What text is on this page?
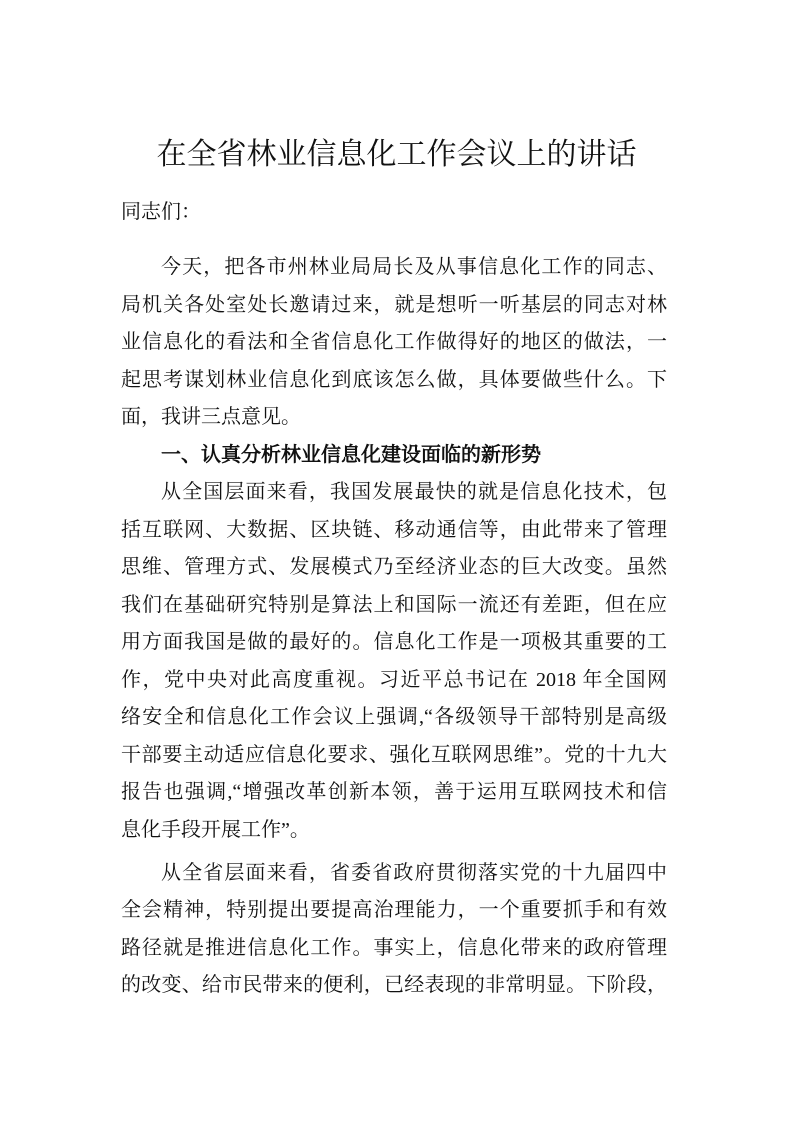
在全省林业信息化工作会议上的讲话
同志们：
今天，把各市州林业局局长及从事信息化工作的同志、
局机关各处室处长邀请过来，就是想听一听基层的同志对林
业信息化的看法和全省信息化工作做得好的地区的做法，一
起思考谋划林业信息化到底该怎么做，具体要做些什么。下
面，我讲三点意见。
一、认真分析林业信息化建设面临的新形势
从全国层面来看，我国发展最快的就是信息化技术，包
括互联网、大数据、区块链、移动通信等，由此带来了管理
思维、管理方式、发展模式乃至经济业态的巨大改变。虽然
我们在基础研究特别是算法上和国际一流还有差距，但在应
用方面我国是做的最好的。信息化工作是一项极其重要的工
作，党中央对此高度重视。习近平总书记在 2018 年全国网
络安全和信息化工作会议上强调,“各级领导干部特别是高级
干部要主动适应信息化要求、强化互联网思维”。党的十九大
报告也强调,“增强改革创新本领，善于运用互联网技术和信
息化手段开展工作”。
从全省层面来看，省委省政府贯彻落实党的十九届四中
全会精神，特别提出要提高治理能力，一个重要抓手和有效
路径就是推进信息化工作。事实上，信息化带来的政府管理
的改变、给市民带来的便利，已经表现的非常明显。下阶段，
